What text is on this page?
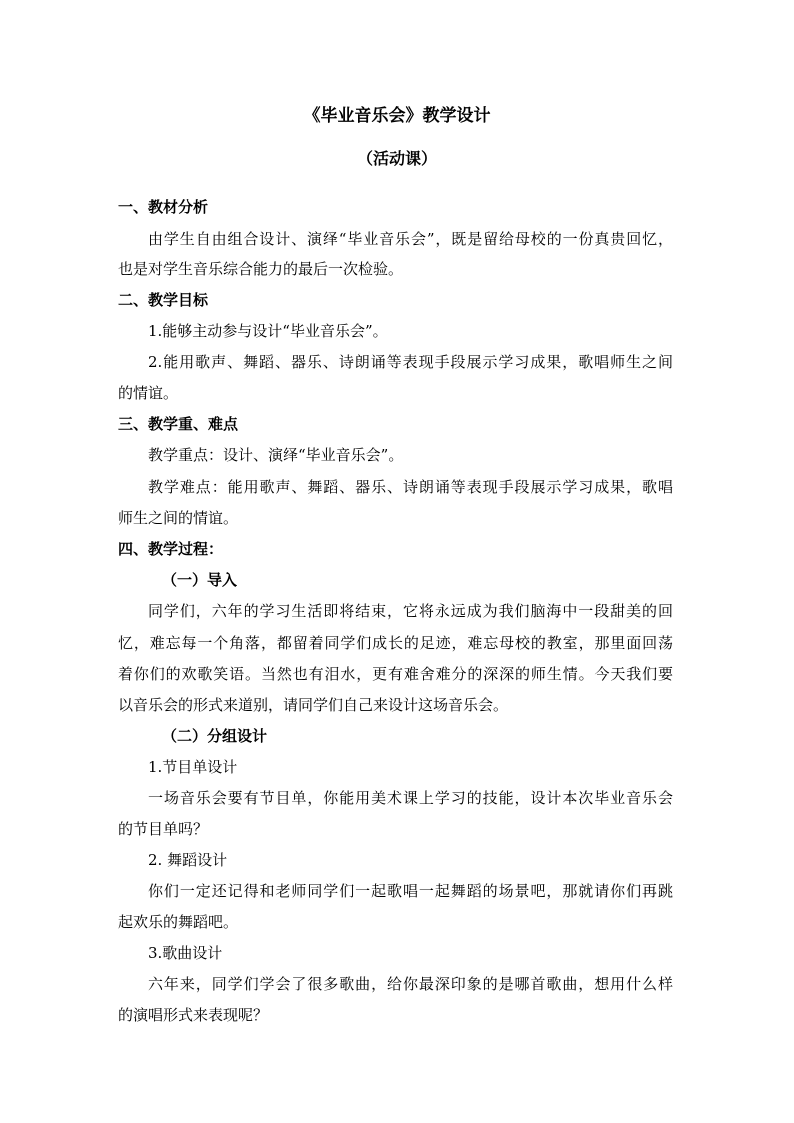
《毕业音乐会》教学设计
（活动课）
一、教材分析
由学生自由组合设计、演绎“毕业音乐会”，既是留给母校的一份真贵回忆，
也是对学生音乐综合能力的最后一次检验。
二、教学目标
1.能够主动参与设计“毕业音乐会”。
2.能用歌声、舞蹈、器乐、诗朗诵等表现手段展示学习成果，歌唱师生之间
的情谊。
三、教学重、难点
教学重点：设计、演绎“毕业音乐会”。
教学难点：能用歌声、舞蹈、器乐、诗朗诵等表现手段展示学习成果，歌唱
师生之间的情谊。
四、教学过程：
（一）导入
同学们，六年的学习生活即将结束，它将永远成为我们脑海中一段甜美的回
忆，难忘每一个角落，都留着同学们成长的足迹，难忘母校的教室，那里面回荡
着你们的欢歌笑语。当然也有泪水，更有难舍难分的深深的师生情。今天我们要
以音乐会的形式来道别，请同学们自己来设计这场音乐会。
（二）分组设计
1.节目单设计
一场音乐会要有节目单，你能用美术课上学习的技能，设计本次毕业音乐会
的节目单吗？
2. 舞蹈设计
你们一定还记得和老师同学们一起歌唱一起舞蹈的场景吧，那就请你们再跳
起欢乐的舞蹈吧。
3.歌曲设计
六年来，同学们学会了很多歌曲，给你最深印象的是哪首歌曲，想用什么样
的演唱形式来表现呢？
